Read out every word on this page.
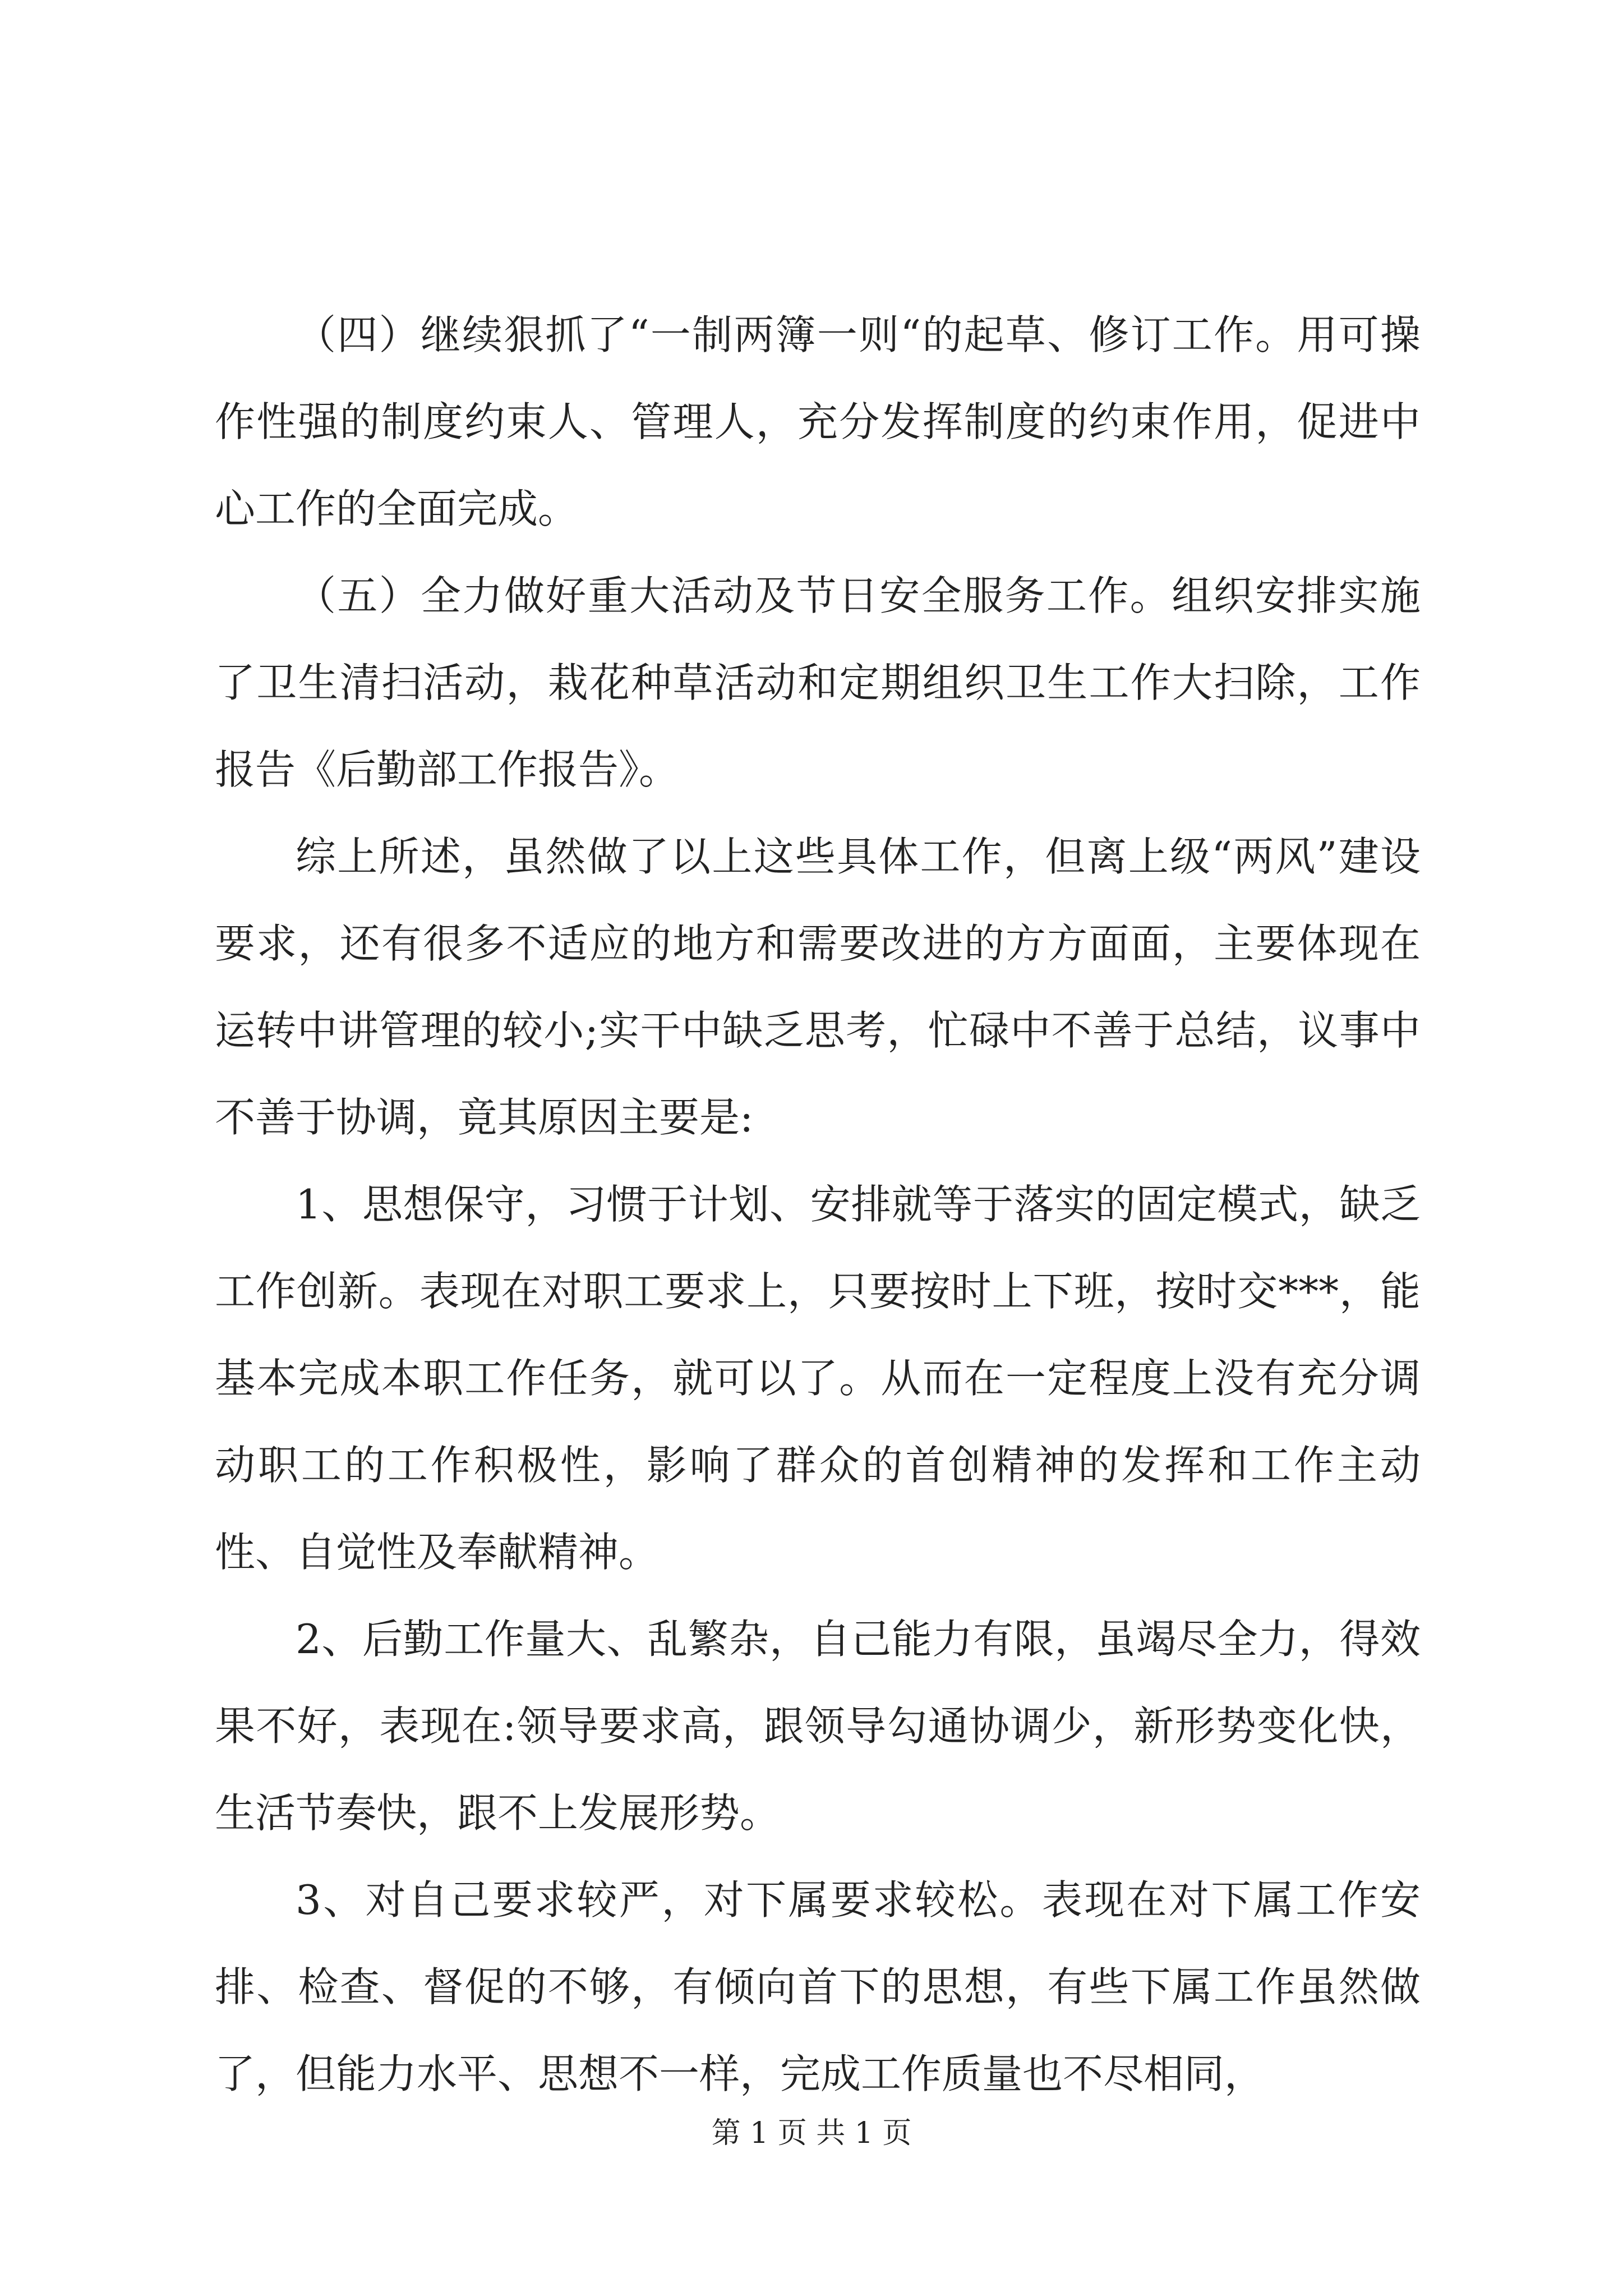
（四）继续狠抓了“一制两簿一则“的起草、修订工作。用可操作性强的制度约束人、管理人，充分发挥制度的约束作用，促进中心工作的全面完成。

（五）全力做好重大活动及节日安全服务工作。组织安排实施了卫生清扫活动，栽花种草活动和定期组织卫生工作大扫除，工作报告《后勤部工作报告》。

综上所述，虽然做了以上这些具体工作，但离上级“两风”建设要求，还有很多不适应的地方和需要改进的方方面面，主要体现在运转中讲管理的较小;实干中缺乏思考，忙碌中不善于总结，议事中不善于协调，竟其原因主要是:

1、思想保守，习惯于计划、安排就等于落实的固定模式，缺乏工作创新。表现在对职工要求上，只要按时上下班，按时交***，能基本完成本职工作任务，就可以了。从而在一定程度上没有充分调动职工的工作积极性，影响了群众的首创精神的发挥和工作主动性、自觉性及奉献精神。

2、后勤工作量大、乱繁杂，自己能力有限，虽竭尽全力，得效果不好，表现在:领导要求高，跟领导勾通协调少，新形势变化快，生活节奏快，跟不上发展形势。

3、对自己要求较严，对下属要求较松。表现在对下属工作安排、检查、督促的不够，有倾向首下的思想，有些下属工作虽然做了，但能力水平、思想不一样，完成工作质量也不尽相同，

第 1 页 共 1 页
